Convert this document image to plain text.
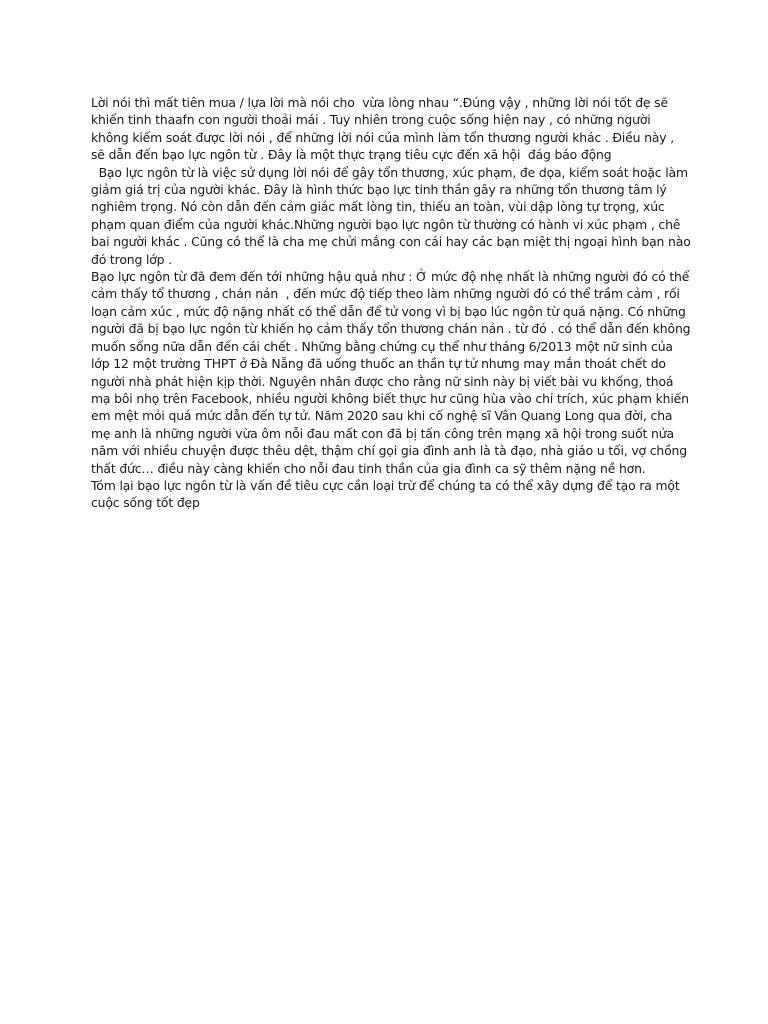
Lời nói thì mất tiên mua / lựa lời mà nói cho  vừa lòng nhau “.Đúng vậy , những lời nói tốt đẹ sẽ khiến tinh thaafn con người thoải mái . Tuy nhiên trong cuộc sống hiện nay , có những người không kiếm soát được lời nói , để những lời nói của mình làm tổn thương người khác . Điều này , sẽ dẫn đến bạo lực ngôn từ . Đây là một thực trạng tiêu cực đến xã hội  đág báo động

Bạo lực ngôn từ là việc sử dụng lời nói để gây tổn thương, xúc phạm, đe dọa, kiểm soát hoặc làm giảm giá trị của người khác. Đây là hình thức bạo lực tinh thần gây ra những tổn thương tâm lý nghiêm trọng. Nó còn dẫn đến cảm giác mất lòng tin, thiếu an toàn, vùi dập lòng tự trọng, xúc phạm quan điểm của người khác.Những người bạo lực ngôn từ thường có hành vi xúc phạm , chê bai người khác . Cũng có thể là cha mẹ chửi mắng con cái hay các bạn miệt thị ngoại hình bạn nào đó trong lớp .

Bạo lực ngôn từ đã đem đến tới những hậu quả như : Ở mức độ nhẹ nhất là những người đó có thể cảm thấy tổ thương , chán nản  , đến mức độ tiếp theo làm những người đó có thể trầm cảm , rối loạn cảm xúc , mức độ nặng nhất có thể dẫn để tử vong vì bị bạo lúc ngôn từ quá nặng. Có những người đã bị bạo lực ngôn từ khiến họ cảm thấy tổn thương chán nản . từ đó . có thể dẫn đến không muốn sống nữa dẫn đến cái chết . Những bằng chứng cụ thể như tháng 6/2013 một nữ sinh của lớp 12 một trường THPT ở Đà Nẵng đã uống thuốc an thần tự tử nhưng may mắn thoát chết do người nhà phát hiện kịp thời. Nguyên nhân được cho rằng nữ sinh này bị viết bài vu khống, thoá mạ bôi nhọ trên Facebook, nhiều người không biết thực hư cũng hùa vào chỉ trích, xúc phạm khiến em mệt mỏi quá mức dẫn đến tự tử. Năm 2020 sau khi cố nghệ sĩ Vân Quang Long qua đời, cha mẹ anh là những người vừa ôm nỗi đau mất con đã bị tấn công trên mạng xã hội trong suốt nửa năm với nhiều chuyện được thêu dệt, thậm chí gọi gia đình anh là tà đạo, nhà giáo u tối, vợ chồng thất đức… điều này càng khiến cho nỗi đau tinh thần của gia đình ca sỹ thêm nặng nề hơn.

Tóm lại bạo lực ngôn từ là vấn đề tiêu cực cần loại trừ để chúng ta có thể xây dựng để tạo ra một cuộc sống tốt đẹp
